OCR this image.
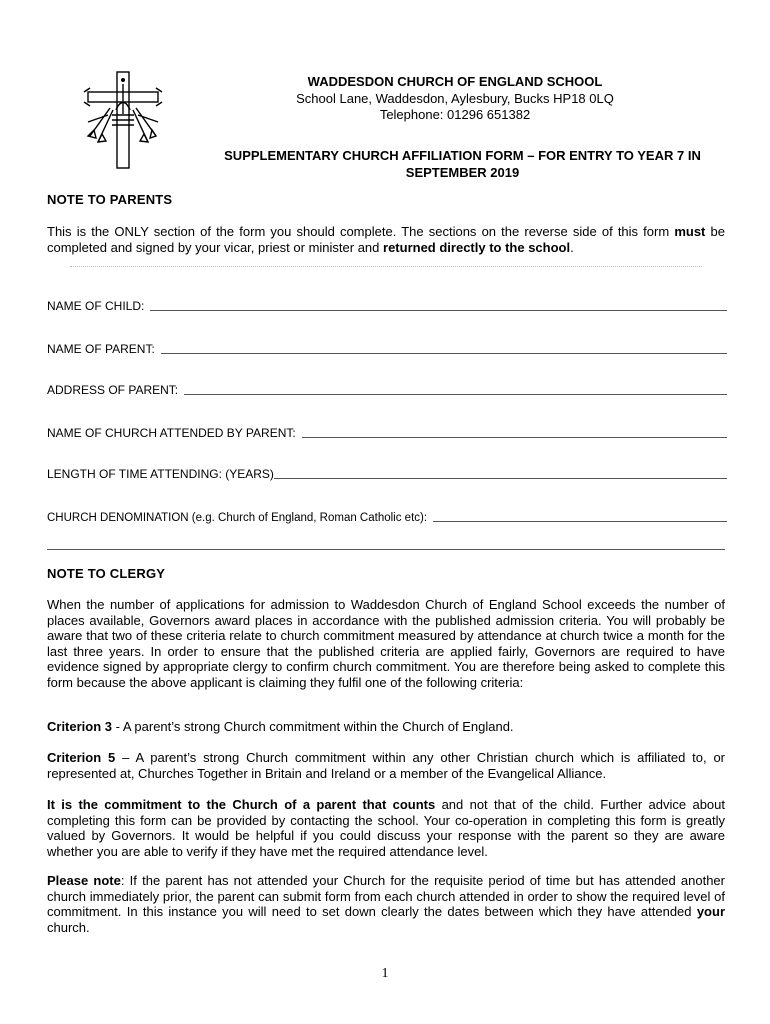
WADDESDON CHURCH OF ENGLAND SCHOOL
School Lane, Waddesdon, Aylesbury, Bucks HP18 0LQ
Telephone: 01296 651382
SUPPLEMENTARY CHURCH AFFILIATION FORM – FOR ENTRY TO YEAR 7 IN
SEPTEMBER 2019
NOTE TO PARENTS
This is the ONLY section of the form you should complete. The sections on the reverse side of this form must be completed and signed by your vicar, priest or minister and returned directly to the school.
NAME OF CHILD:
NAME OF PARENT:
ADDRESS OF PARENT:
NAME OF CHURCH ATTENDED BY PARENT:
LENGTH OF TIME ATTENDING: (YEARS)
CHURCH DENOMINATION (e.g. Church of England, Roman Catholic etc):
NOTE TO CLERGY
When the number of applications for admission to Waddesdon Church of England School exceeds the number of places available, Governors award places in accordance with the published admission criteria. You will probably be aware that two of these criteria relate to church commitment measured by attendance at church twice a month for the last three years. In order to ensure that the published criteria are applied fairly, Governors are required to have evidence signed by appropriate clergy to confirm church commitment. You are therefore being asked to complete this form because the above applicant is claiming they fulfil one of the following criteria:
Criterion 3 - A parent’s strong Church commitment within the Church of England.
Criterion 5 – A parent’s strong Church commitment within any other Christian church which is affiliated to, or represented at, Churches Together in Britain and Ireland or a member of the Evangelical Alliance.
It is the commitment to the Church of a parent that counts and not that of the child. Further advice about completing this form can be provided by contacting the school. Your co-operation in completing this form is greatly valued by Governors. It would be helpful if you could discuss your response with the parent so they are aware whether you are able to verify if they have met the required attendance level.
Please note: If the parent has not attended your Church for the requisite period of time but has attended another church immediately prior, the parent can submit form from each church attended in order to show the required level of commitment. In this instance you will need to set down clearly the dates between which they have attended your church.
1
